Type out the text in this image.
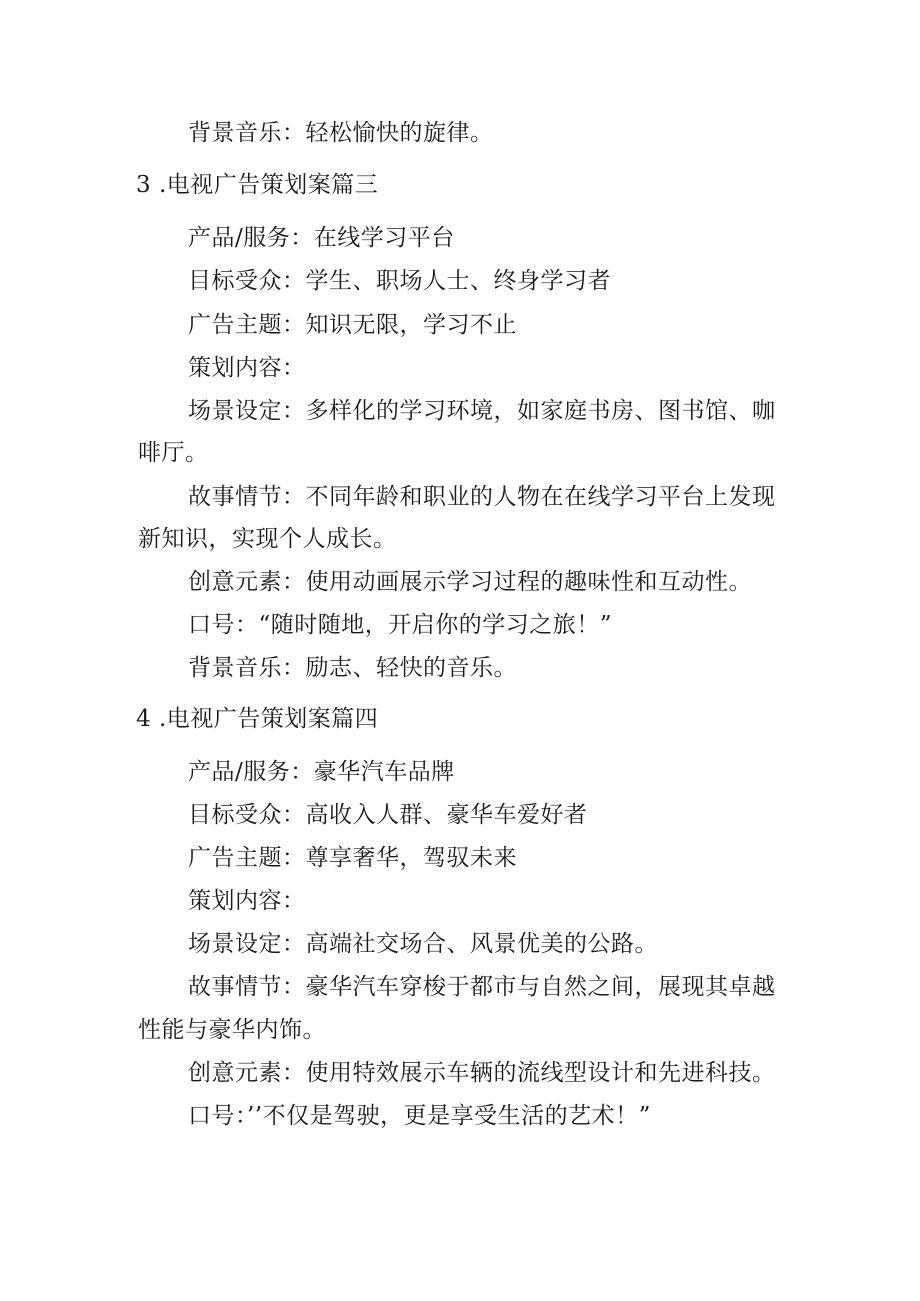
背景音乐：轻松愉快的旋律。
3 .电视广告策划案篇三
产品/服务：在线学习平台
目标受众：学生、职场人士、终身学习者
广告主题：知识无限，学习不止
策划内容：
场景设定：多样化的学习环境，如家庭书房、图书馆、咖
啡厅。
故事情节：不同年龄和职业的人物在在线学习平台上发现
新知识，实现个人成长。
创意元素：使用动画展示学习过程的趣味性和互动性。
口号：“随时随地，开启你的学习之旅！”
背景音乐：励志、轻快的音乐。
4 .电视广告策划案篇四
产品/服务：豪华汽车品牌
目标受众：高收入人群、豪华车爱好者
广告主题：尊享奢华，驾驭未来
策划内容：
场景设定：高端社交场合、风景优美的公路。
故事情节：豪华汽车穿梭于都市与自然之间，展现其卓越
性能与豪华内饰。
创意元素：使用特效展示车辆的流线型设计和先进科技。
口号：’’不仅是驾驶，更是享受生活的艺术！”
